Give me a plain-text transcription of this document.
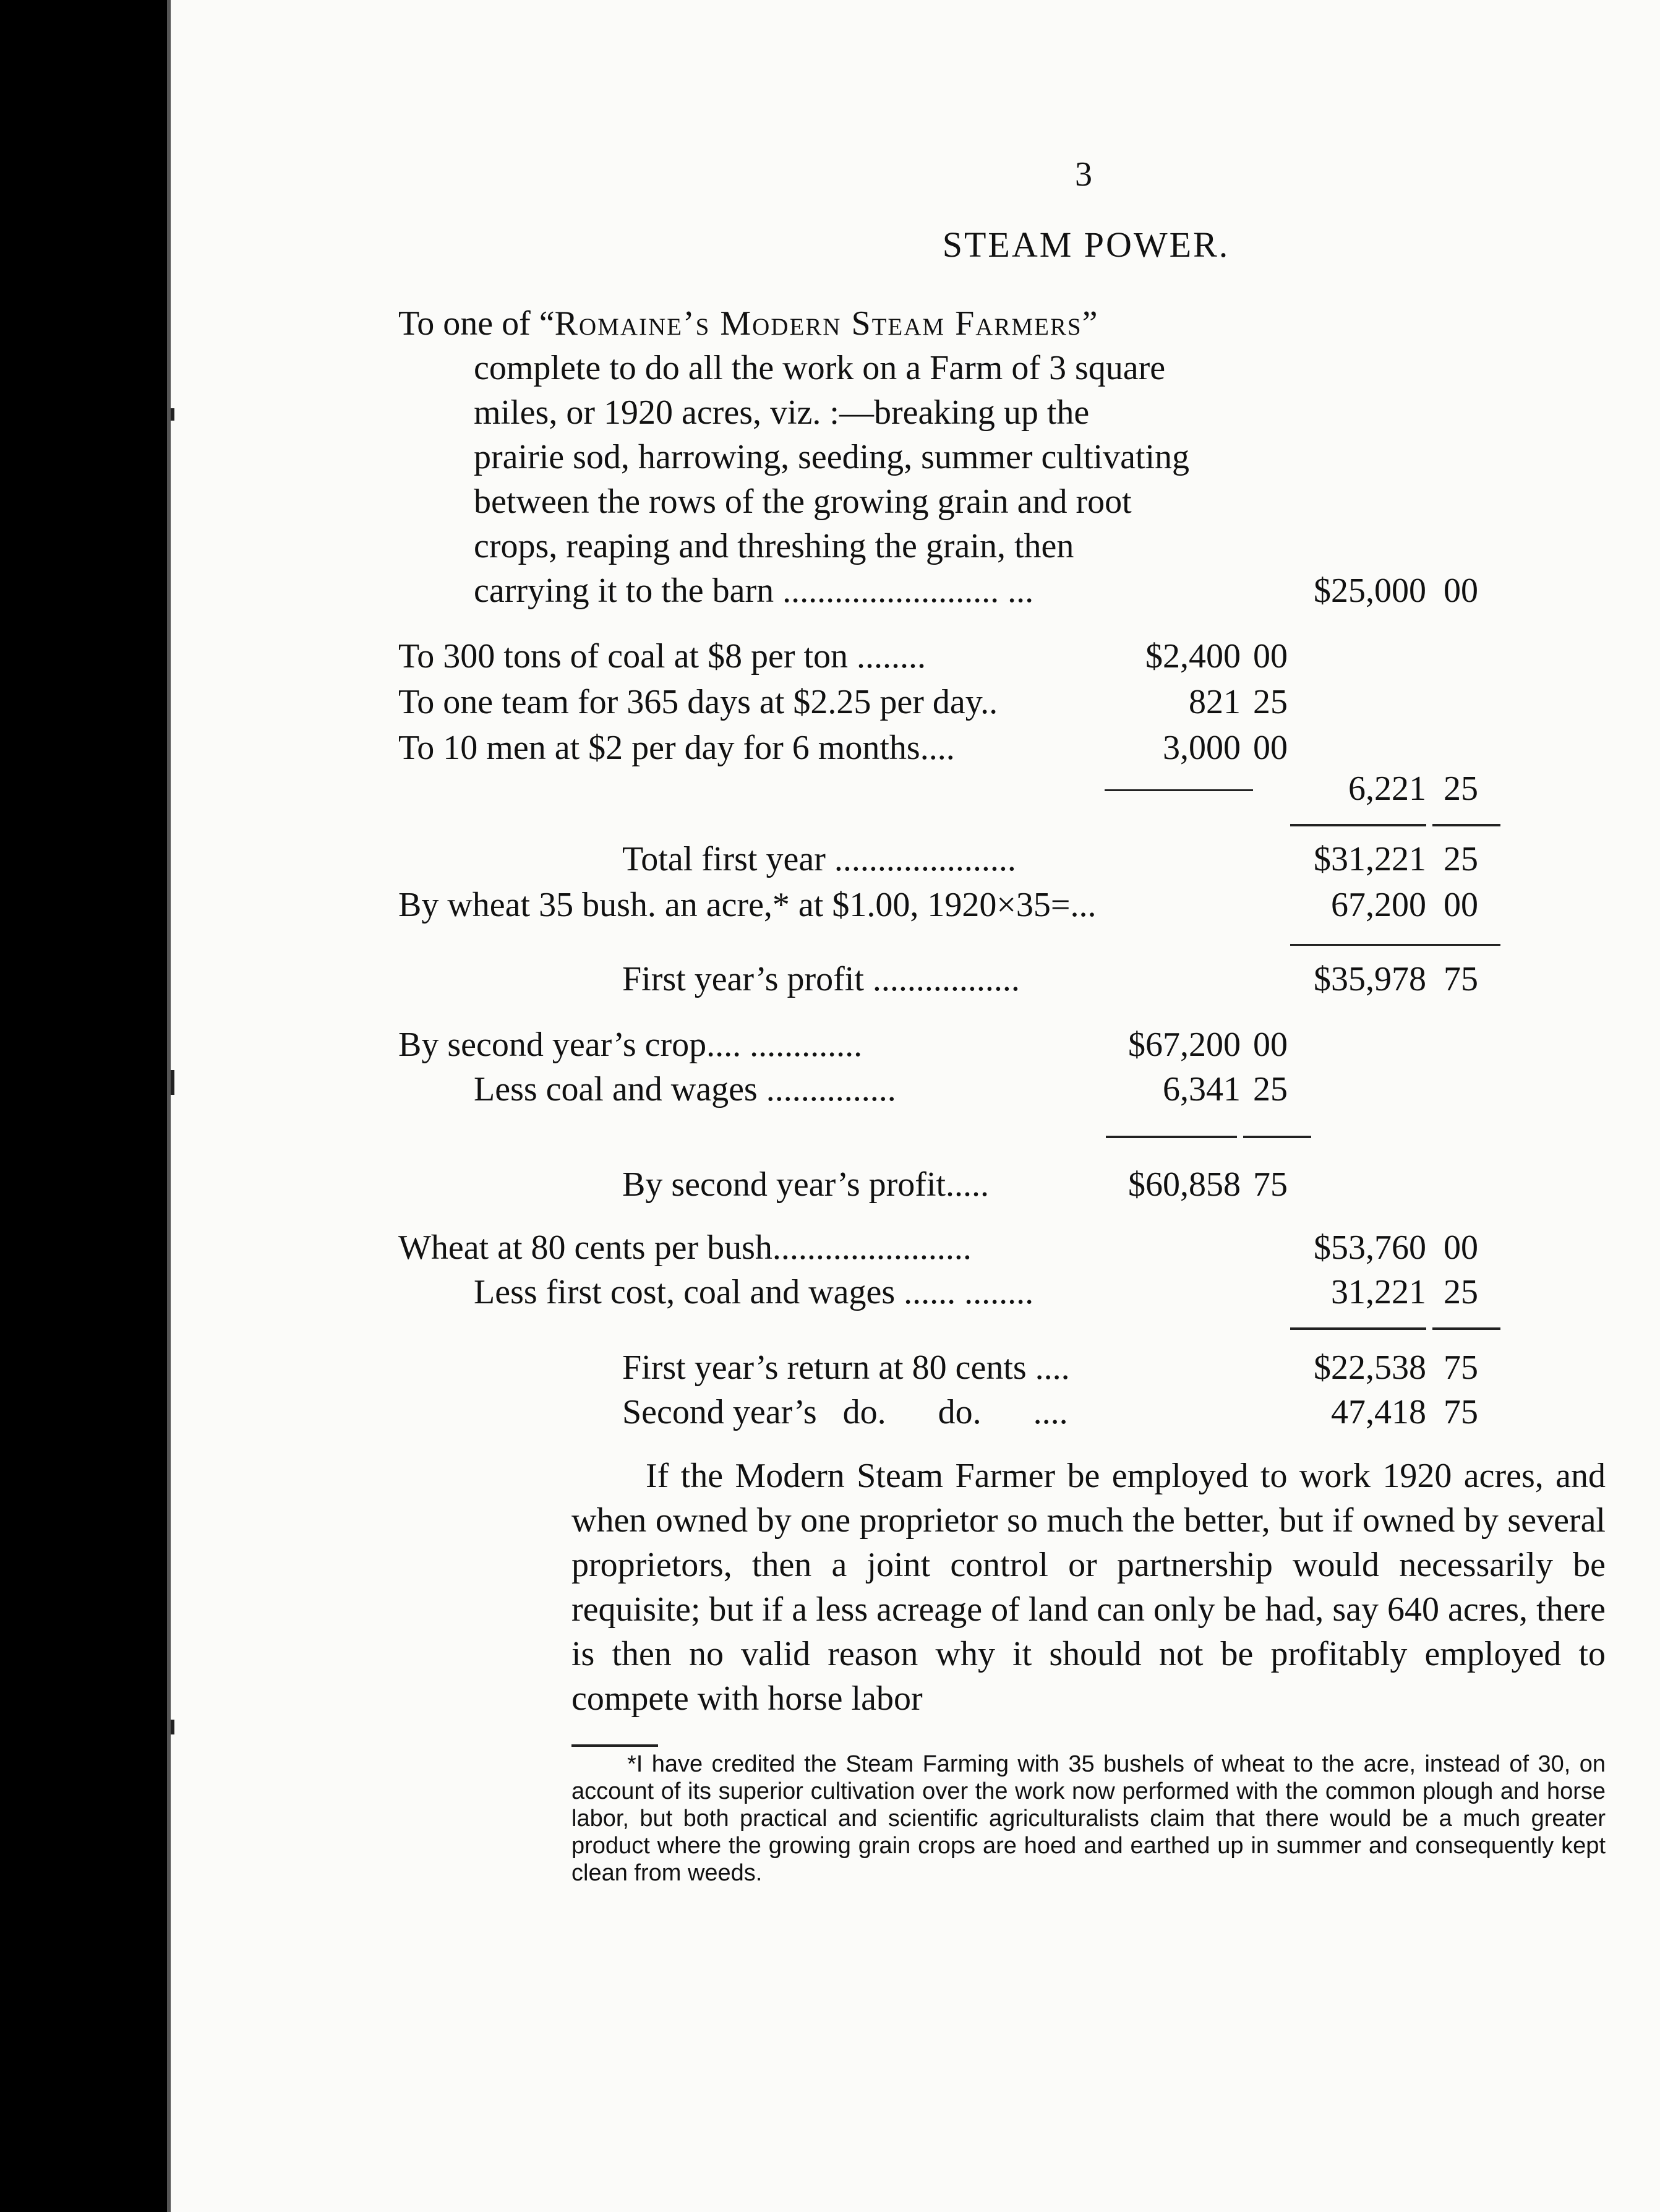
3
STEAM POWER.
To one of “Romaine’s Modern Steam Farmers”
complete to do all the work on a Farm of 3 square
miles, or 1920 acres, viz. :—breaking up the
prairie sod, harrowing, seeding, summer cultivating
between the rows of the growing grain and root
crops, reaping and threshing the grain, then
carrying it to the barn ......................... ...	$25,000 00
To 300 tons of coal at $8 per ton ........	$2,400 00
To one team for 365 days at $2.25 per day..	821 25
To 10 men at $2 per day for 6 months....	3,000 00
6,221 25
Total first year .....................	$31,221 25
By wheat 35 bush. an acre,* at $1.00, 1920×35=...	67,200 00
First year’s profit .................	$35,978 75
By second year’s crop.... .............	$67,200 00
Less coal and wages ...............	6,341 25
By second year’s profit.....	$60,858 75
Wheat at 80 cents per bush.......................	$53,760 00
Less first cost, coal and wages ...... ........	31,221 25
First year’s return at 80 cents ....	$22,538 75
Second year’s   do.      do.      ....	47,418 75
If the Modern Steam Farmer be employed to work 1920 acres, and when owned by one proprietor so much the better, but if owned by several proprietors, then a joint control or partnership would necessarily be requisite; but if a less acreage of land can only be had, say 640 acres, there is then no valid reason why it should not be profitably employed to compete with horse labor
*I have credited the Steam Farming with 35 bushels of wheat to the acre, instead of 30, on account of its superior cultivation over the work now performed with the common plough and horse labor, but both practical and scientific agriculturalists claim that there would be a much greater product where the growing grain crops are hoed and earthed up in summer and consequently kept clean from weeds.
